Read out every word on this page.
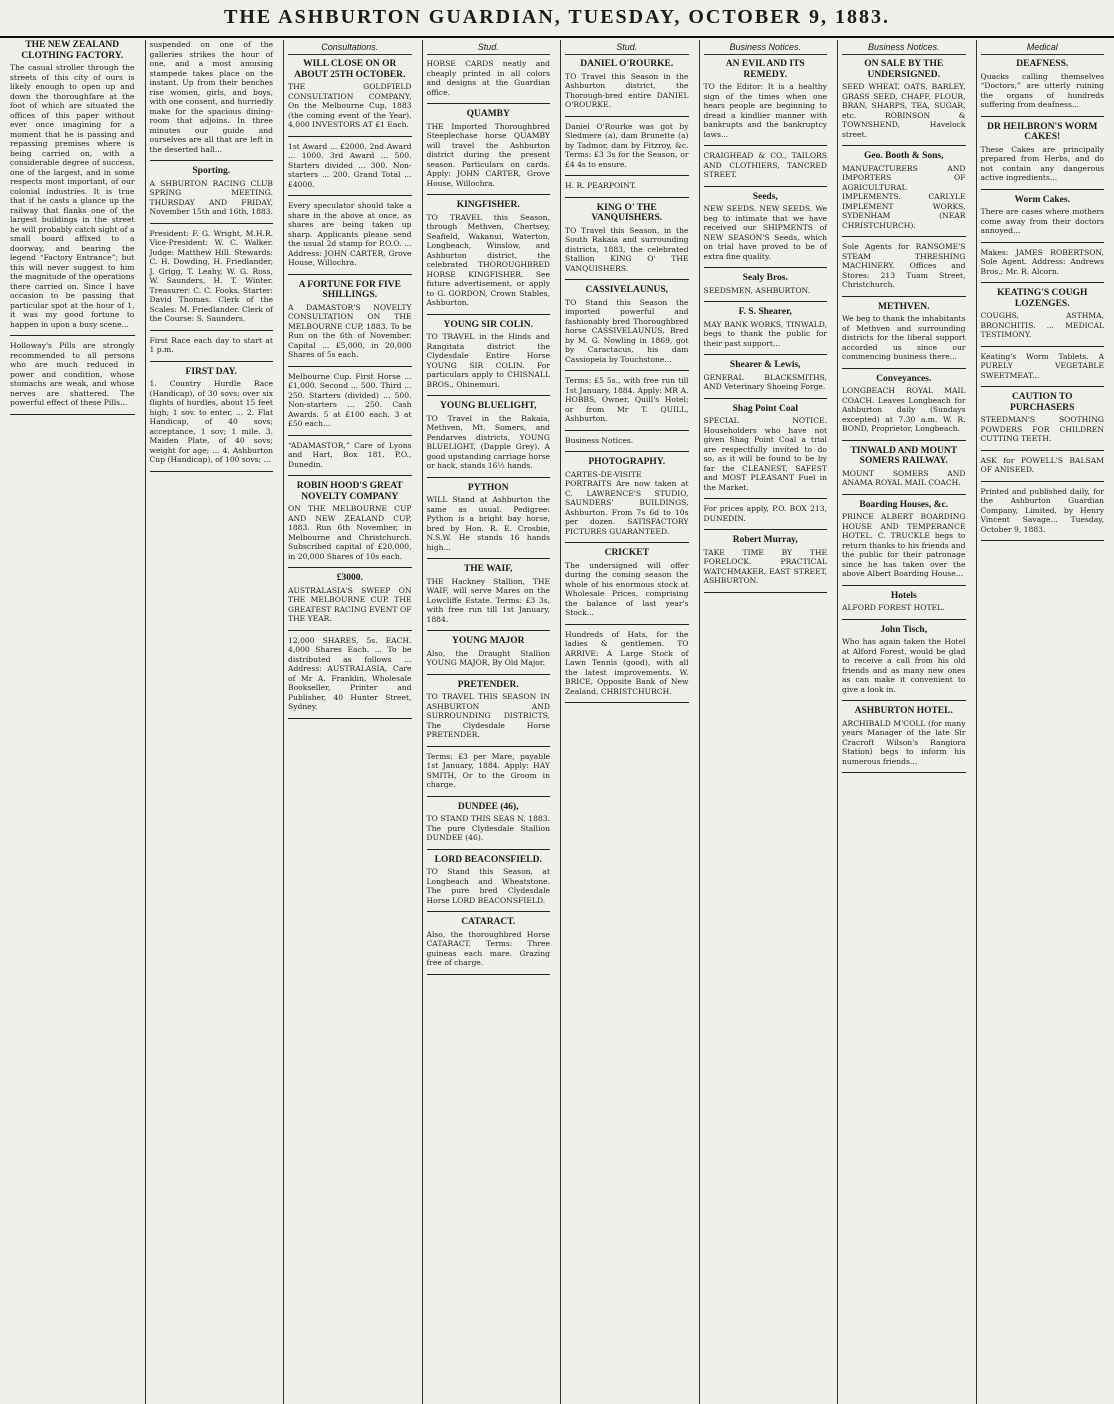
THE ASHBURTON GUARDIAN, TUESDAY, OCTOBER 9, 1883.
THE NEW ZEALAND CLOTHING FACTORY.
The casual stroller through the streets of this city of ours is likely enough to open up and down the thoroughfare at the foot of which are situated the offices of this paper without ever once imagining for a moment that he is passing and repassing premises where is being carried on, with a considerable degree of success, one of the largest, and in some respects most important, of our colonial industries. It is true that if he casts a glance up the railway that flanks one of the largest buildings in the street he will probably catch sight of a small board affixed to a doorway, and bearing the legend “Factory Entrance”; but this will never suggest to him the magnitude of the operations there carried on. Since I have occasion to be passing that particular spot at the hour of 1, it was my good fortune to happen in upon a busy scene...
Holloway's Pills are strongly recommended to all persons who are much reduced in power and condition, whose stomachs are weak, and whose nerves are shattered. The powerful effect of these Pills...
suspended on one of the galleries strikes the hour of one, and a most amusing stampede takes place on the instant. Up from their benches rise women, girls, and boys, with one consent, and hurriedly make for the spacious dining-room that adjoins. In three minutes our guide and ourselves are all that are left in the deserted hall...
Sporting.
A SHBURTON RACING CLUB SPRING MEETING. THURSDAY AND FRIDAY, November 15th and 16th, 1883.
President: F. G. Wright, M.H.R. Vice-President: W. C. Walker. Judge: Matthew Hill. Stewards: C. H. Dowding, H. Friedlander, J. Grigg, T. Leahy, W. G. Ross, W. Saunders, H. T. Winter. Treasurer: C. C. Fooks. Starter: David Thomas. Clerk of the Scales: M. Friedlander. Clerk of the Course: S. Saunders.
First Race each day to start at 1 p.m.
FIRST DAY.
1. Country Hurdle Race (Handicap), of 30 sovs; over six flights of hurdles, about 15 feet high; 1 sov. to enter, ... 2. Flat Handicap, of 40 sovs; acceptance, 1 sov; 1 mile. 3. Maiden Plate, of 40 sovs; weight for age; ... 4. Ashburton Cup (Handicap), of 100 sovs; ...
Consultations.
WILL CLOSE ON OR ABOUT 25TH OCTOBER.
THE GOLDFIELD CONSULTATION COMPANY, On the Melbourne Cup, 1883 (the coming event of the Year). 4,000 INVESTORS AT £1 Each.
1st Award ... £2000. 2nd Award ... 1000. 3rd Award ... 500. Starters divided ... 300. Non-starters ... 200. Grand Total ... £4000.
Every speculator should take a share in the above at once, as shares are being taken up sharp. Applicants please send the usual 2d stamp for P.O.O. ... Address: JOHN CARTER, Grove House, Willochra.
A FORTUNE FOR FIVE SHILLINGS.
A DAMASTOR'S NOVELTY CONSULTATION ON THE MELBOURNE CUP, 1883. To be Run on the 6th of November. Capital ... £5,000, in 20,000 Shares of 5s each.
Melbourne Cup. First Horse ... £1,000. Second ... 500. Third ... 250. Starters (divided) ... 500. Non-starters ... 250. Cash Awards. 5 at £100 each. 3 at £50 each...
“ADAMASTOR,” Care of Lyons and Hart, Box 181, P.O., Dunedin.
ROBIN HOOD'S GREAT NOVELTY COMPANY
ON THE MELBOURNE CUP AND NEW ZEALAND CUP, 1883. Run 6th November, in Melbourne and Christchurch. Subscribed capital of £20,000, in 20,000 Shares of 10s each.
£3000.
AUSTRALASIA'S SWEEP ON THE MELBOURNE CUP. THE GREATEST RACING EVENT OF THE YEAR.
12,000 SHARES, 5s. EACH. 4,000 Shares Each. ... To be distributed as follows ... Address: AUSTRALASIA, Care of Mr A. Franklin, Wholesale Bookseller, Printer and Publisher, 40 Hunter Street, Sydney.
Stud.
HORSE CARDS neatly and cheaply printed in all colors and designs at the Guardian office.
QUAMBY
THE Imported Thoroughbred Steeplechase horse QUAMBY will travel the Ashburton district during the present season. Particulars on cards. Apply: JOHN CARTER, Grove House, Willochra.
KINGFISHER.
TO TRAVEL this Season, through Methven, Chertsey, Seafield, Wakanui, Waterton, Longbeach, Winslow, and Ashburton district, the celebrated THOROUGHBRED HORSE KINGFISHER. See future advertisement, or apply to G. GORDON, Crown Stables, Ashburton.
YOUNG SIR COLIN.
TO TRAVEL in the Hinds and Rangitata district the Clydesdale Entire Horse YOUNG SIR COLIN. For particulars apply to CHISNALL BROS., Ohinemuri.
YOUNG BLUELIGHT,
TO Travel in the Rakaia, Methven, Mt. Somers, and Pendarves districts, YOUNG BLUELIGHT, (Dapple Grey). A good upstanding carriage horse or hack, stands 16½ hands.
PYTHON
WILL Stand at Ashburton the same as usual. Pedigree: Python is a bright bay horse, bred by Hon. R. E. Crosbie, N.S.W. He stands 16 hands high...
THE WAIF,
THE Hackney Stallion, THE WAIF, will serve Mares on the Lowcliffe Estate. Terms: £3 3s, with free run till 1st January, 1884.
YOUNG MAJOR
Also, the Draught Stallion YOUNG MAJOR, By Old Major.
PRETENDER.
TO TRAVEL THIS SEASON IN ASHBURTON AND SURROUNDING DISTRICTS, The Clydesdale Horse PRETENDER.
Terms: £3 per Mare, payable 1st January, 1884. Apply: HAY SMITH, Or to the Groom in charge.
DUNDEE (46),
TO STAND THIS SEAS N, 1883. The pure Clydesdale Stallion DUNDEE (46).
LORD BEACONSFIELD.
TO Stand this Season, at Longbeach and Wheatstone. The pure bred Clydesdale Horse LORD BEACONSFIELD.
CATARACT.
Also, the thoroughbred Horse CATARACT. Terms: Three guineas each mare. Grazing free of charge.
Stud.
DANIEL O'ROURKE.
TO Travel this Season in the Ashburton district, the Thorough-bred entire DANIEL O'ROURKE.
Daniel O'Rourke was got by Sledmere (a), dam Brunette (a) by Tadmor, dam by Fitzroy, &c. Terms: £3 3s for the Season, or £4 4s to ensure.
H. R. PEARPOINT.
KING O' THE VANQUISHERS.
TO Travel this Season, in the South Rakaia and surrounding districts, 1883, the celebrated Stallion KING O' THE VANQUISHERS.
CASSIVELAUNUS,
TO Stand this Season the imported powerful and fashionably bred Thoroughbred horse CASSIVELAUNUS, Bred by M. G. Nowling in 1869, got by Caractacus, his dam Cassiopeia by Touchstone...
Terms: £5 5s., with free run till 1st January, 1884. Apply: MR A. HOBBS, Owner, Quill's Hotel; or from Mr T. QUILL, Ashburton.
Business Notices.
PHOTOGRAPHY.
CARTES-DE-VISITE PORTRAITS Are now taken at C. LAWRENCE'S STUDIO, SAUNDERS' BUILDINGS, Ashburton. From 7s 6d to 10s per dozen. SATISFACTORY PICTURES GUARANTEED.
CRICKET
The undersigned will offer during the coming season the whole of his enormous stock at Wholesale Prices, comprising the balance of last year's Stock...
Hundreds of Hats, for the ladies & gentlemen. TO ARRIVE: A Large Stock of Lawn Tennis (good), with all the latest improvements. W. BRICE, Opposite Bank of New Zealand, CHRISTCHURCH.
Business Notices.
AN EVIL AND ITS REMEDY.
TO the Editor: It is a healthy sign of the times when one hears people are beginning to dread a kindlier manner with bankrupts and the bankruptcy laws...
CRAIGHEAD & CO., TAILORS AND CLOTHIERS, TANCRED STREET.
Seeds,
NEW SEEDS. NEW SEEDS. We beg to intimate that we have received our SHIPMENTS of NEW SEASON'S Seeds, which on trial have proved to be of extra fine quality.
Sealy Bros.
SEEDSMEN, ASHBURTON.
F. S. Shearer,
MAY BANK WORKS, TINWALD, begs to thank the public for their past support...
Shearer & Lewis,
GENERAL BLACKSMITHS, AND Veterinary Shoeing Forge.
Shag Point Coal
SPECIAL NOTICE. Householders who have not given Shag Point Coal a trial are respectfully invited to do so, as it will be found to be by far the CLEANEST, SAFEST and MOST PLEASANT Fuel in the Market.
For prices apply, P.O. BOX 213, DUNEDIN.
Robert Murray,
TAKE TIME BY THE FORELOCK. PRACTICAL WATCHMAKER, EAST STREET, ASHBURTON.
Business Notices.
ON SALE BY THE UNDERSIGNED.
SEED WHEAT, OATS, BARLEY, GRASS SEED, CHAFF, FLOUR, BRAN, SHARPS, TEA, SUGAR, etc. ROBINSON & TOWNSHEND, Havelock street.
Geo. Booth & Sons,
MANUFACTURERS AND IMPORTERS OF AGRICULTURAL IMPLEMENTS. CARLYLE IMPLEMENT WORKS, SYDENHAM (NEAR CHRISTCHURCH).
Sole Agents for RANSOME'S STEAM THRESHING MACHINERY. Offices and Stores: 213 Tuam Street, Christchurch.
METHVEN.
We beg to thank the inhabitants of Methven and surrounding districts for the liberal support accorded us since our commencing business there...
Conveyances.
LONGBEACH ROYAL MAIL COACH. Leaves Longbeach for Ashburton daily (Sundays excepted) at 7.30 a.m. W. R. BOND, Proprietor, Longbeach.
TINWALD AND MOUNT SOMERS RAILWAY.
MOUNT SOMERS AND ANAMA ROYAL MAIL COACH.
Boarding Houses, &c.
PRINCE ALBERT BOARDING HOUSE AND TEMPERANCE HOTEL. C. TRUCKLE begs to return thanks to his friends and the public for their patronage since he has taken over the above Albert Boarding House...
Hotels
ALFORD FOREST HOTEL.
John Tisch,
Who has again taken the Hotel at Alford Forest, would be glad to receive a call from his old friends and as many new ones as can make it convenient to give a look in.
ASHBURTON HOTEL.
ARCHIBALD M'COLL (for many years Manager of the late Sir Cracroft Wilson's Rangiora Station) begs to inform his numerous friends...
Medical
DEAFNESS.
Quacks calling themselves “Doctors,” are utterly ruining the organs of hundreds suffering from deafness...
DR HEILBRON'S WORM CAKES!
These Cakes are principally prepared from Herbs, and do not contain any dangerous active ingredients...
Worm Cakes.
There are cases where mothers come away from their doctors annoyed...
Makes: JAMES ROBERTSON, Sole Agent. Address: Andrews Bros.; Mr. R. Alcorn.
KEATING'S COUGH LOZENGES.
COUGHS, ASTHMA, BRONCHITIS. ... MEDICAL TESTIMONY.
Keating's Worm Tablets. A PURELY VEGETABLE SWEETMEAT...
CAUTION TO PURCHASERS
STEEDMAN'S SOOTHING POWDERS FOR CHILDREN CUTTING TEETH.
ASK for POWELL'S BALSAM OF ANISEED.
Printed and published daily, for the Ashburton Guardian Company, Limited, by Henry Vincent Savage... Tuesday, October 9, 1883.
